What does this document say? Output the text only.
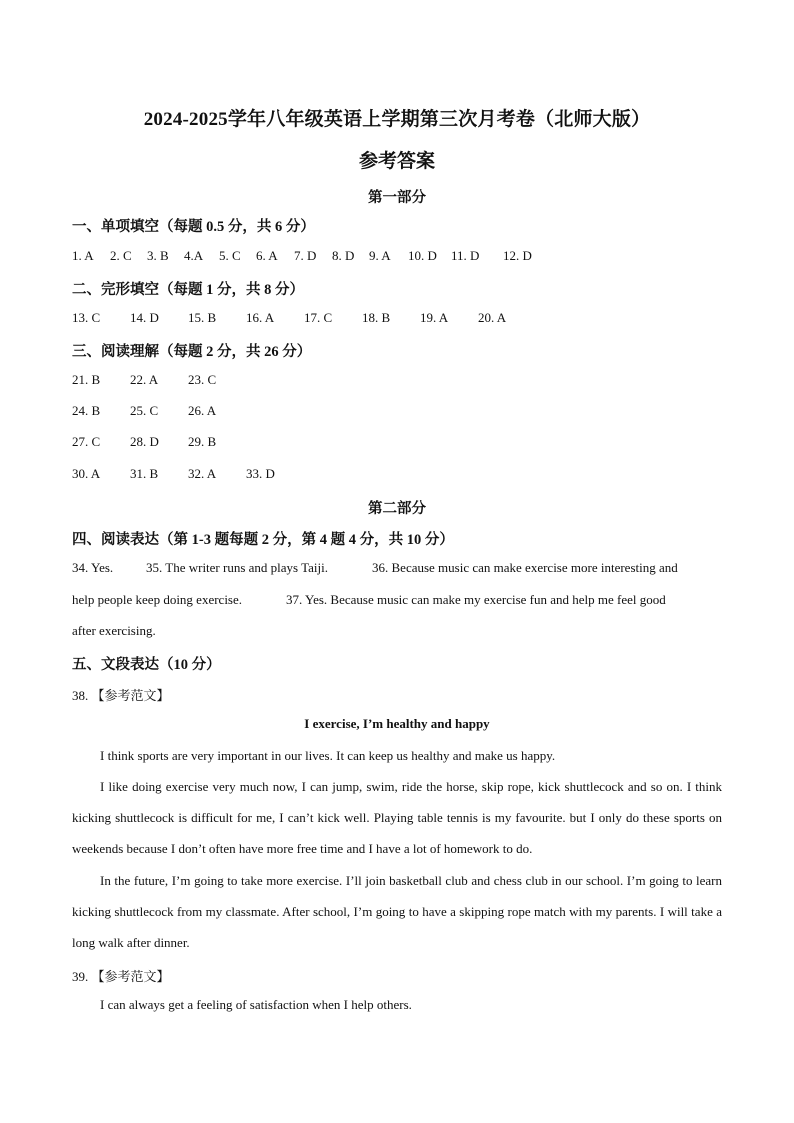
2024-2025学年八年级英语上学期第三次月考卷（北师大版）
参考答案
第一部分
一、单项填空（每题 0.5 分，共 6 分）
1. A 2. C 3. B 4.A 5. C 6. A 7. D 8. D 9. A 10. D 11. D 12. D
二、完形填空（每题 1 分，共 8 分）
13. C 14. D 15. B 16. A 17. C 18. B 19. A 20. A
三、阅读理解（每题 2 分，共 26 分）
21. B 22. A 23. C
24. B 25. C 26. A
27. C 28. D 29. B
30. A 31. B 32. A 33. D
第二部分
四、阅读表达（第 1-3 题每题 2 分，第 4 题 4 分，共 10 分）
34. Yes.	35. The writer runs and plays Taiji.	36. Because music can make exercise more interesting and
help people keep doing exercise.	37. Yes. Because music can make my exercise fun and help me feel good
after exercising.
五、文段表达（10 分）
38. 【参考范文】
I exercise, I’m healthy and happy
I think sports are very important in our lives. It can keep us healthy and make us happy.
I like doing exercise very much now, I can jump, swim, ride the horse, skip rope, kick shuttlecock and so on. I think kicking shuttlecock is difficult for me, I can’t kick well. Playing table tennis is my favourite. but I only do these sports on weekends because I don’t often have more free time and I have a lot of homework to do.
In the future, I’m going to take more exercise. I’ll join basketball club and chess club in our school. I’m going to learn kicking shuttlecock from my classmate. After school, I’m going to have a skipping rope match with my parents. I will take a long walk after dinner.
39. 【参考范文】
I can always get a feeling of satisfaction when I help others.
